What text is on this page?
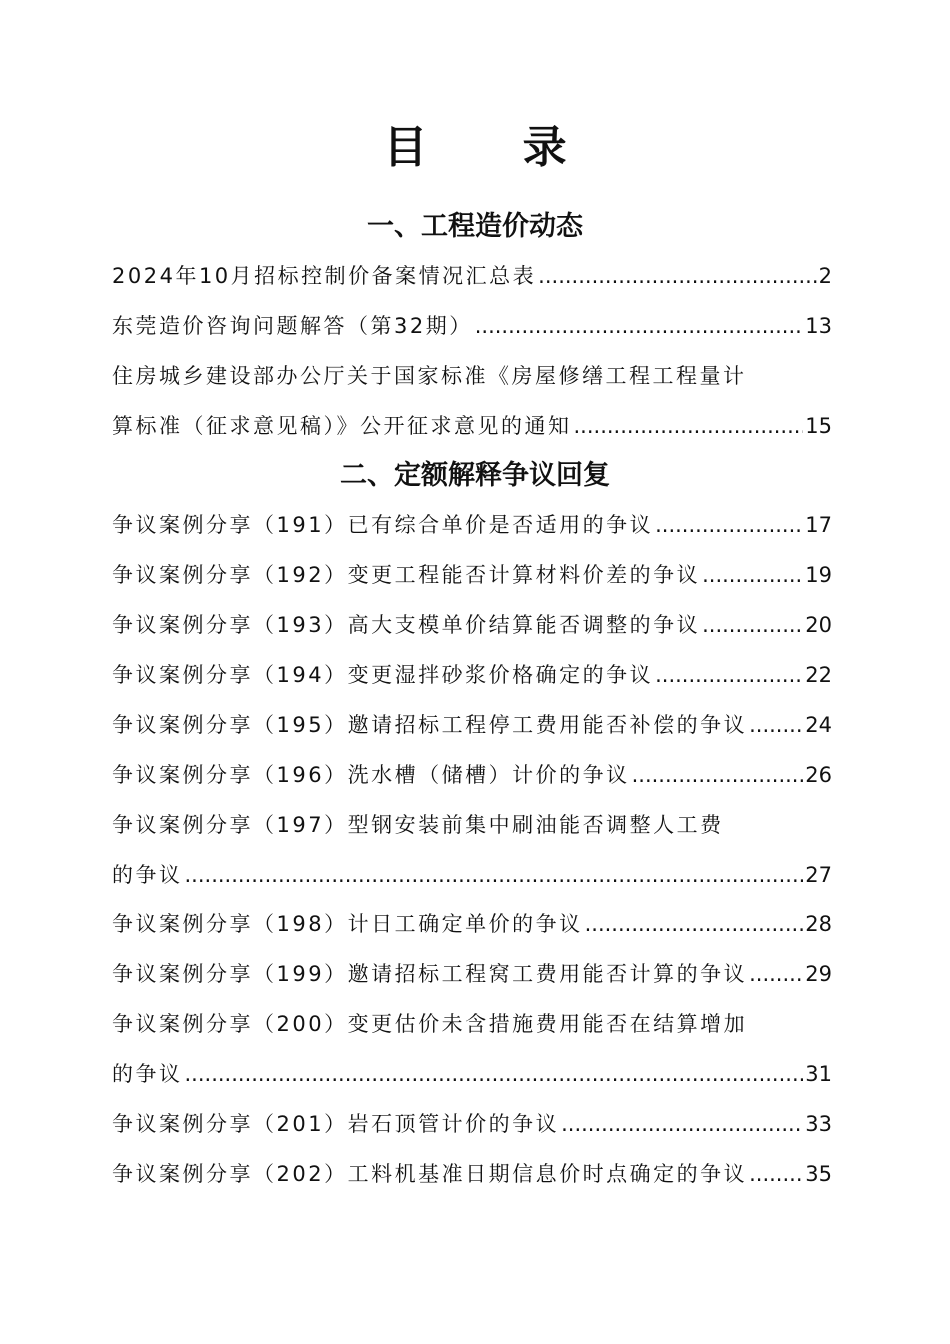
目 录
一、工程造价动态
2024年10月招标控制价备案情况汇总表 .....	2
东莞造价咨询问题解答（第32期） .....	13
住房城乡建设部办公厅关于国家标准《房屋修缮工程工程量计
算标准（征求意见稿）》公开征求意见的通知 .....	15
二、定额解释争议回复
争议案例分享（191）已有综合单价是否适用的争议 .....	17
争议案例分享（192）变更工程能否计算材料价差的争议 .....	19
争议案例分享（193）高大支模单价结算能否调整的争议 .....	20
争议案例分享（194）变更湿拌砂浆价格确定的争议 .....	22
争议案例分享（195）邀请招标工程停工费用能否补偿的争议 .....	24
争议案例分享（196）洗水槽（储槽）计价的争议 .....	26
争议案例分享（197）型钢安装前集中刷油能否调整人工费
的争议 .....	27
争议案例分享（198）计日工确定单价的争议 .....	28
争议案例分享（199）邀请招标工程窝工费用能否计算的争议 .....	29
争议案例分享（200）变更估价未含措施费用能否在结算增加
的争议 .....	31
争议案例分享（201）岩石顶管计价的争议 .....	33
争议案例分享（202）工料机基准日期信息价时点确定的争议 .....	35
